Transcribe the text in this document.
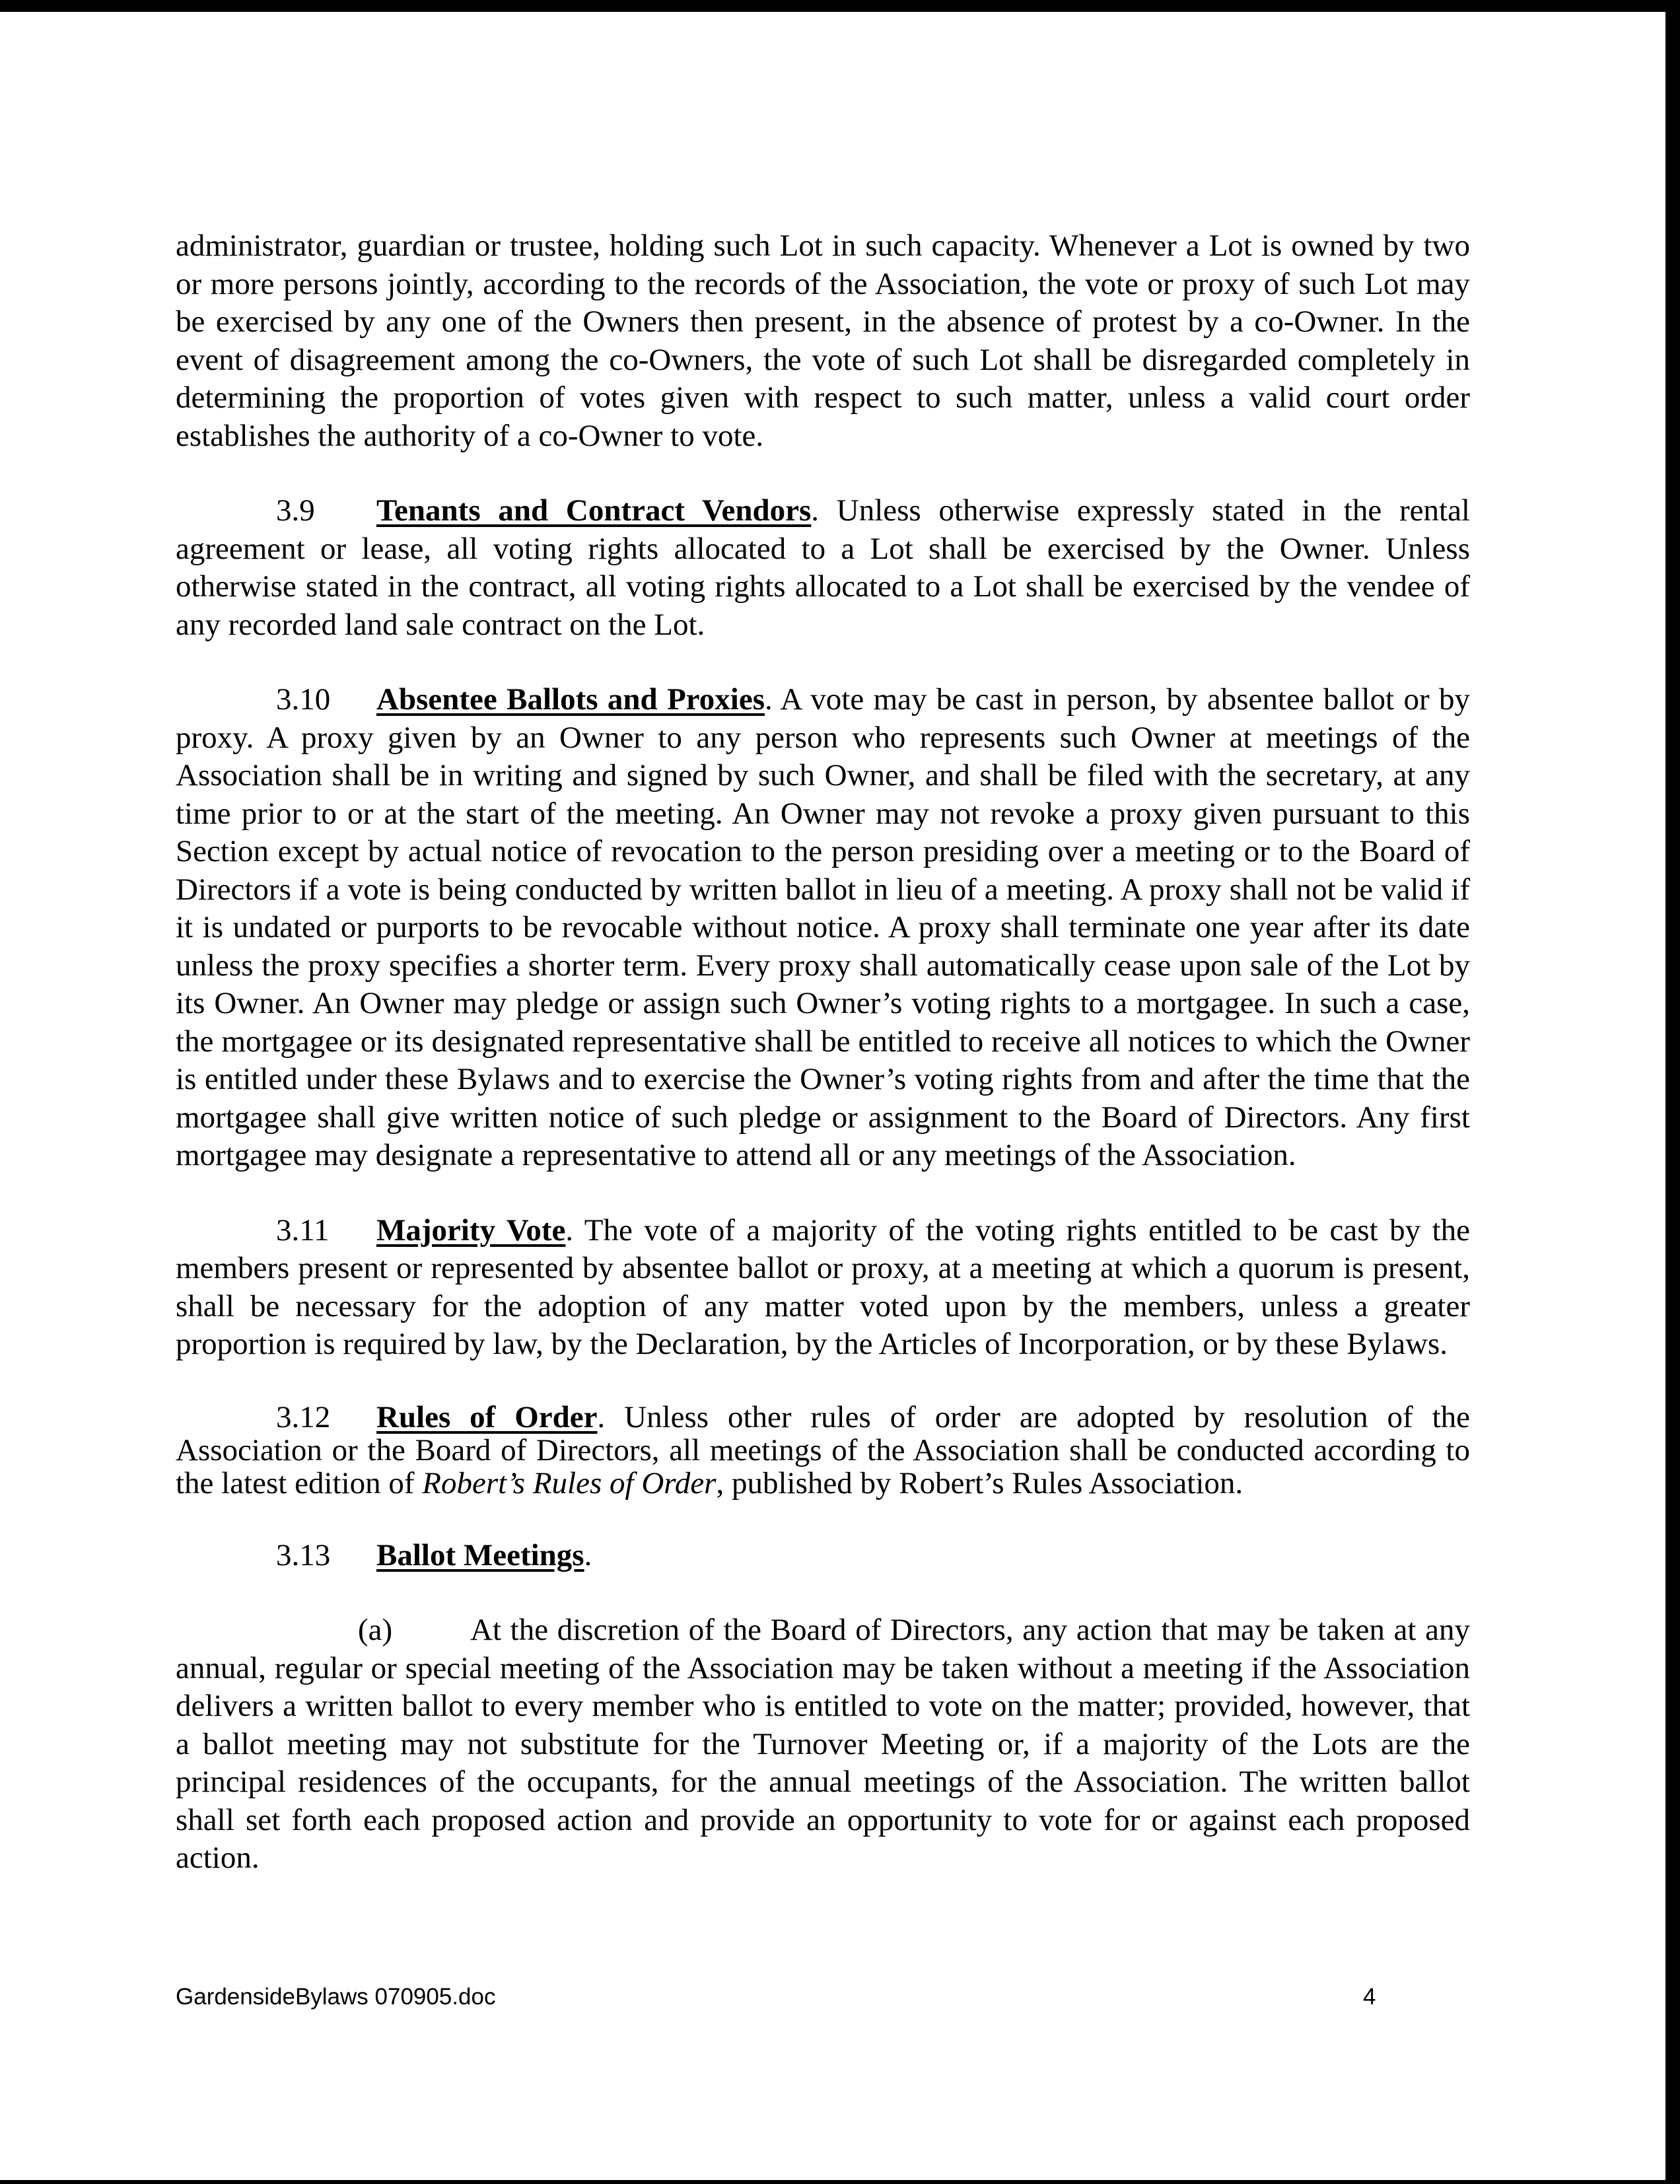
administrator, guardian or trustee, holding such Lot in such capacity. Whenever a Lot is owned by two or more persons jointly, according to the records of the Association, the vote or proxy of such Lot may be exercised by any one of the Owners then present, in the absence of protest by a co-Owner. In the event of disagreement among the co-Owners, the vote of such Lot shall be disregarded completely in determining the proportion of votes given with respect to such matter, unless a valid court order establishes the authority of a co-Owner to vote.

3.9 Tenants and Contract Vendors. Unless otherwise expressly stated in the rental agreement or lease, all voting rights allocated to a Lot shall be exercised by the Owner. Unless otherwise stated in the contract, all voting rights allocated to a Lot shall be exercised by the vendee of any recorded land sale contract on the Lot.

3.10 Absentee Ballots and Proxies. A vote may be cast in person, by absentee ballot or by proxy. A proxy given by an Owner to any person who represents such Owner at meetings of the Association shall be in writing and signed by such Owner, and shall be filed with the secretary, at any time prior to or at the start of the meeting. An Owner may not revoke a proxy given pursuant to this Section except by actual notice of revocation to the person presiding over a meeting or to the Board of Directors if a vote is being conducted by written ballot in lieu of a meeting. A proxy shall not be valid if it is undated or purports to be revocable without notice. A proxy shall terminate one year after its date unless the proxy specifies a shorter term. Every proxy shall automatically cease upon sale of the Lot by its Owner. An Owner may pledge or assign such Owner’s voting rights to a mortgagee. In such a case, the mortgagee or its designated representative shall be entitled to receive all notices to which the Owner is entitled under these Bylaws and to exercise the Owner’s voting rights from and after the time that the mortgagee shall give written notice of such pledge or assignment to the Board of Directors. Any first mortgagee may designate a representative to attend all or any meetings of the Association.

3.11 Majority Vote. The vote of a majority of the voting rights entitled to be cast by the members present or represented by absentee ballot or proxy, at a meeting at which a quorum is present, shall be necessary for the adoption of any matter voted upon by the members, unless a greater proportion is required by law, by the Declaration, by the Articles of Incorporation, or by these Bylaws.

3.12 Rules of Order. Unless other rules of order are adopted by resolution of the Association or the Board of Directors, all meetings of the Association shall be conducted according to the latest edition of Robert’s Rules of Order, published by Robert’s Rules Association.

3.13 Ballot Meetings.

(a)	At the discretion of the Board of Directors, any action that may be taken at any annual, regular or special meeting of the Association may be taken without a meeting if the Association delivers a written ballot to every member who is entitled to vote on the matter; provided, however, that a ballot meeting may not substitute for the Turnover Meeting or, if a majority of the Lots are the principal residences of the occupants, for the annual meetings of the Association. The written ballot shall set forth each proposed action and provide an opportunity to vote for or against each proposed action.

GardensideBylaws 070905.doc	4
